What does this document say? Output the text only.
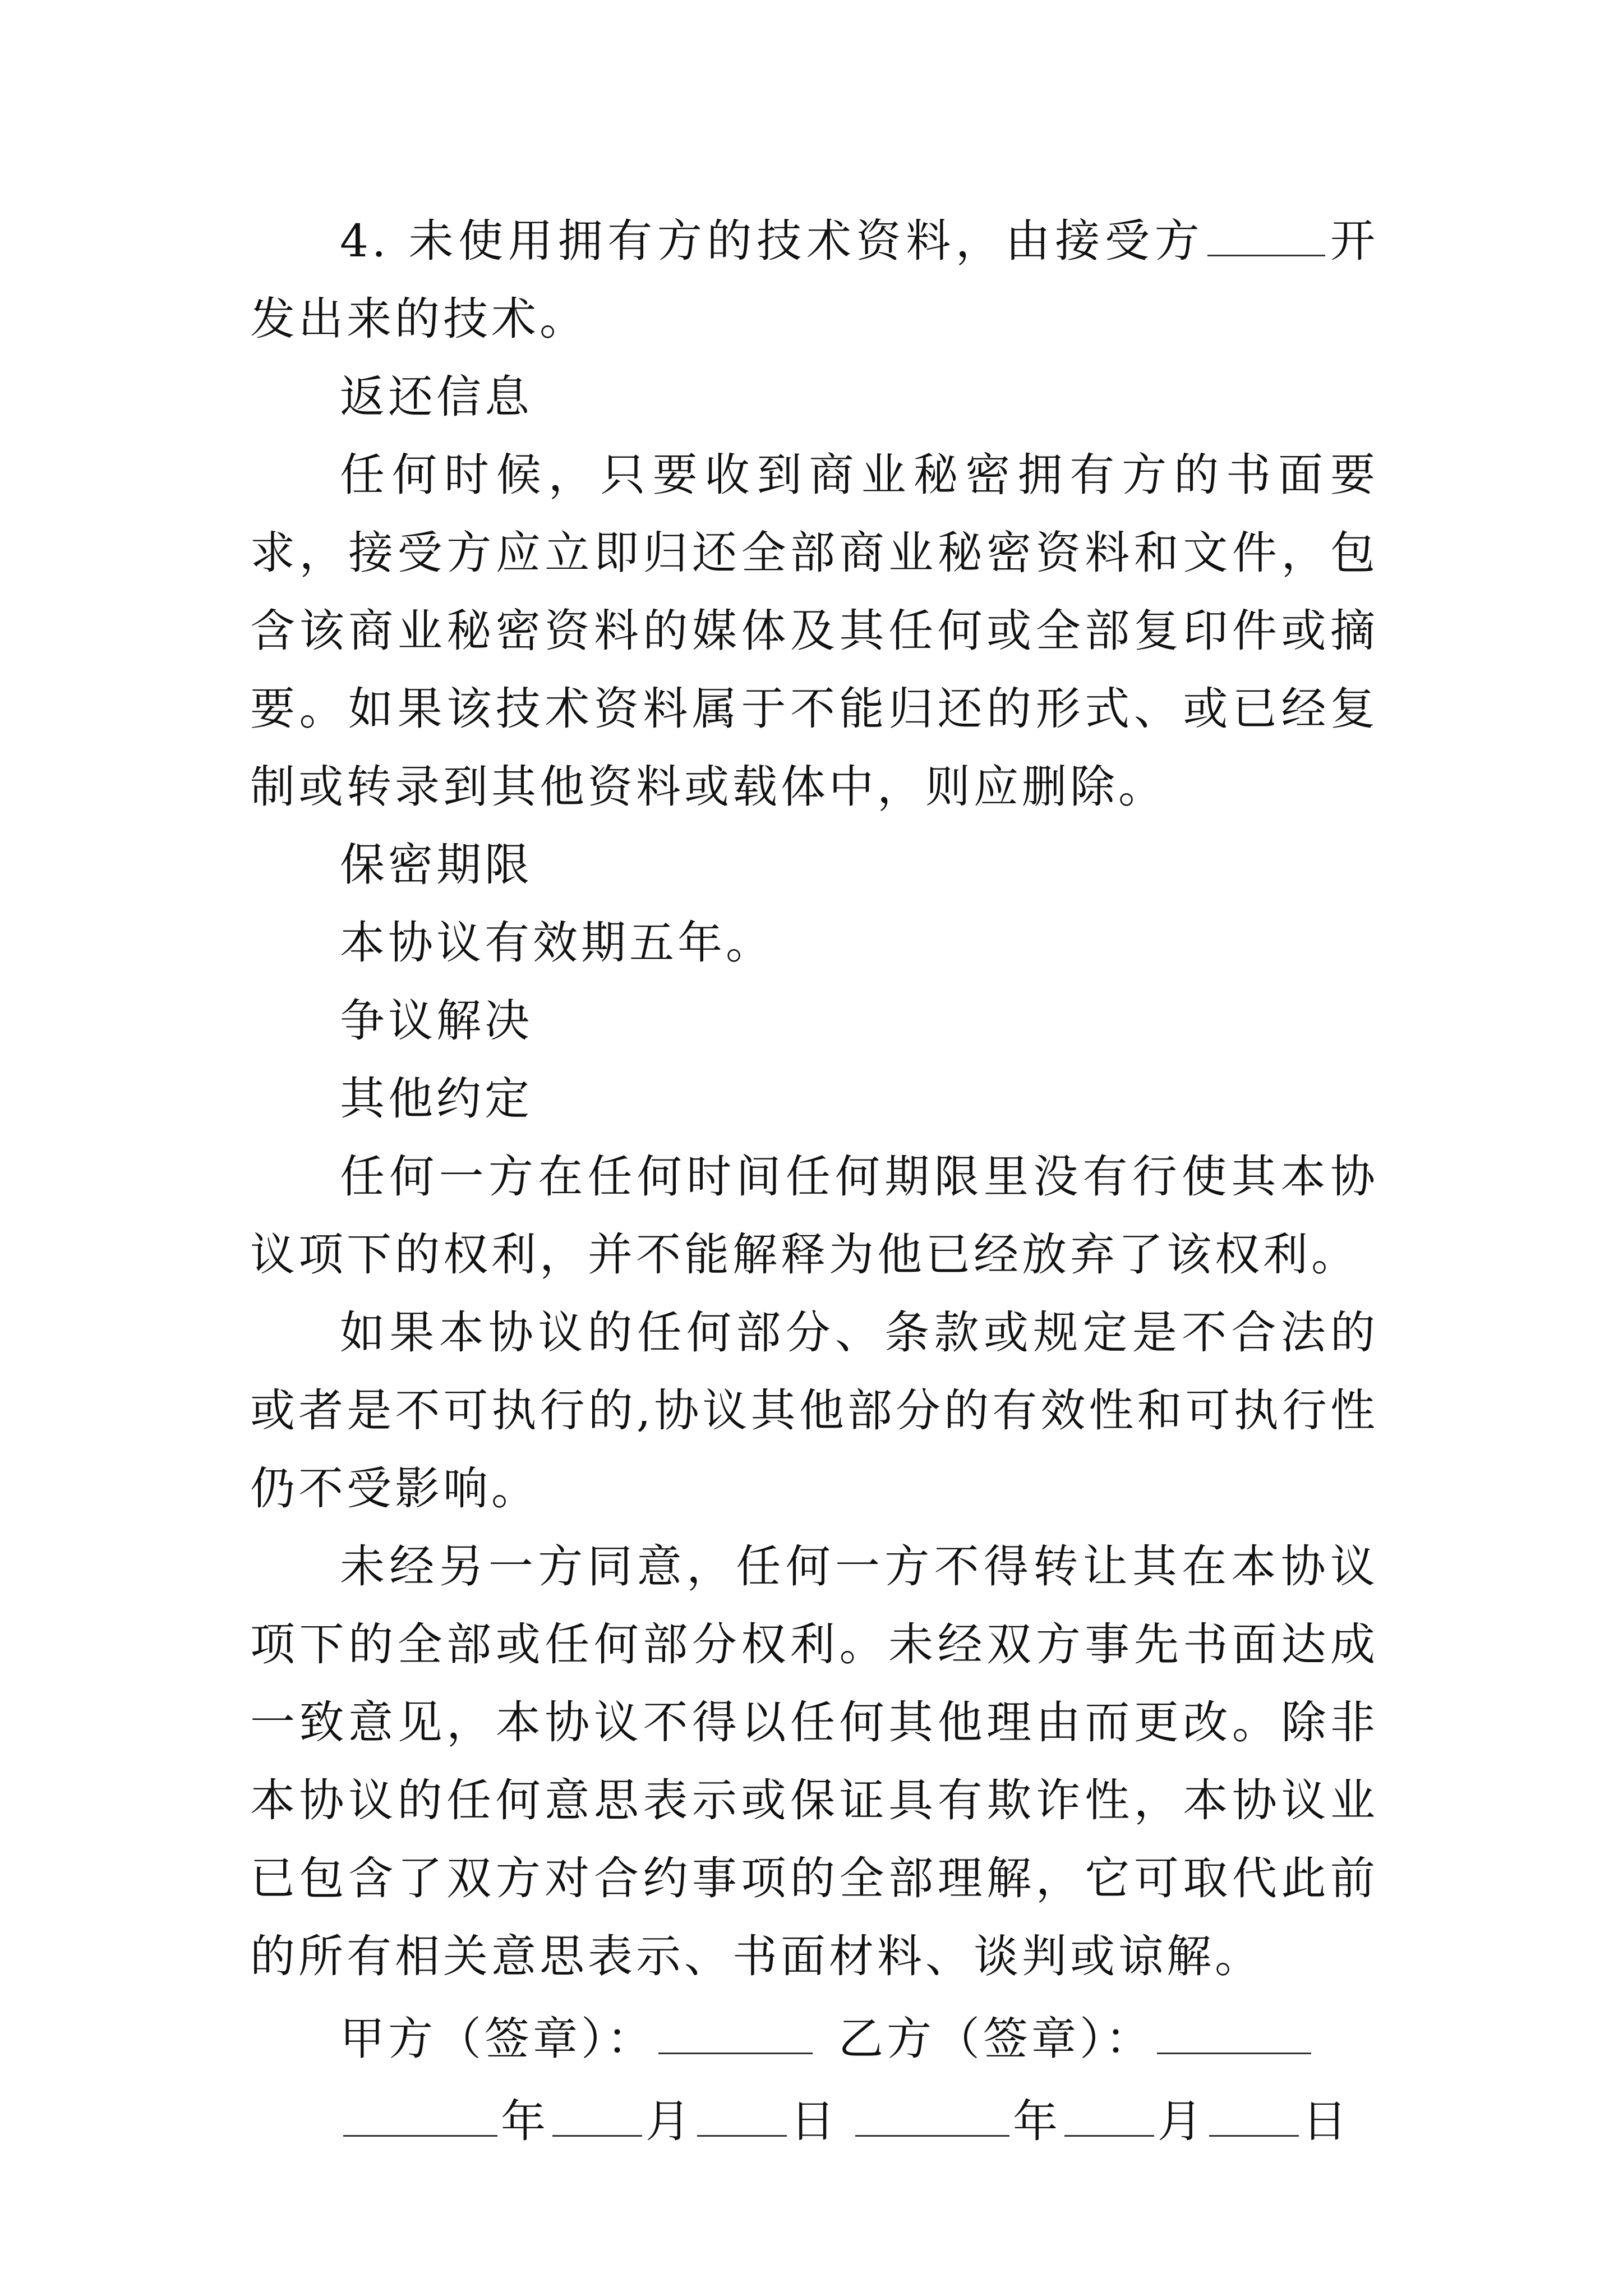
4. 未使用拥有方的技术资料，由接受方	开发出来的技术。

返还信息

任何时候，只要收到商业秘密拥有方的书面要求，接受方应立即归还全部商业秘密资料和文件，包含该商业秘密资料的媒体及其任何或全部复印件或摘要。如果该技术资料属于不能归还的形式、或已经复制或转录到其他资料或载体中，则应删除。

保密期限

本协议有效期五年。

争议解决

其他约定

任何一方在任何时间任何期限里没有行使其本协议项下的权利，并不能解释为他已经放弃了该权利。

如果本协议的任何部分、条款或规定是不合法的或者是不可执行的,协议其他部分的有效性和可执行性仍不受影响。

未经另一方同意，任何一方不得转让其在本协议项下的全部或任何部分权利。未经双方事先书面达成一致意见，本协议不得以任何其他理由而更改。除非本协议的任何意思表示或保证具有欺诈性，本协议业已包含了双方对合约事项的全部理解，它可取代此前的所有相关意思表示、书面材料、谈判或谅解。

甲方（签章）：	乙方（签章）：

年 月 日	年 月 日
